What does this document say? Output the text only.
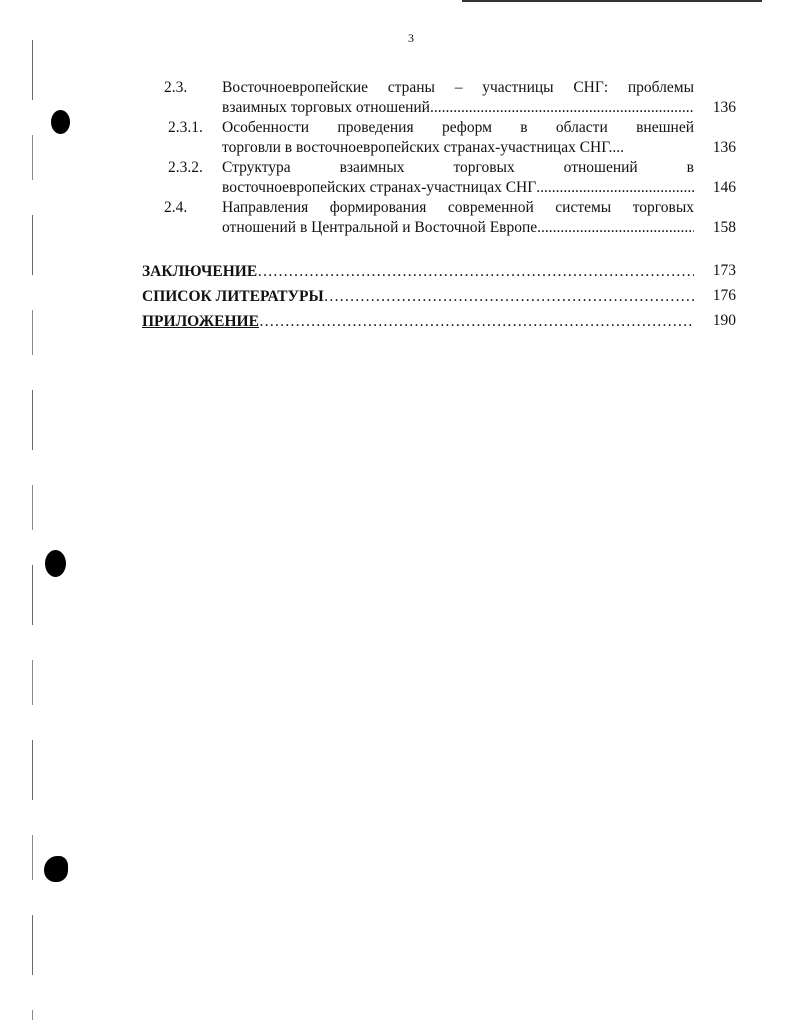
3
2.3.	Восточноевропейские страны – участницы СНГ: проблемы
взаимных торговых отношений .....	136
2.3.1.	Особенности проведения реформ в области внешней
торговли в восточноевропейских странах-участницах СНГ....	136
2.3.2.	Структура взаимных торговых отношений в
восточноевропейских странах-участницах СНГ .....	146
2.4.	Направления формирования современной системы торговых
отношений в Центральной и Восточной Европе .....	158
ЗАКЛЮЧЕНИЕ …………………………………………………………………………………………………………………………………………………………	173
СПИСОК ЛИТЕРАТУРЫ …………………………………………………………………………………………………………………………………………………………	176
ПРИЛОЖЕНИЕ …………………………………………………………………………………………………………………………………………………………	190
